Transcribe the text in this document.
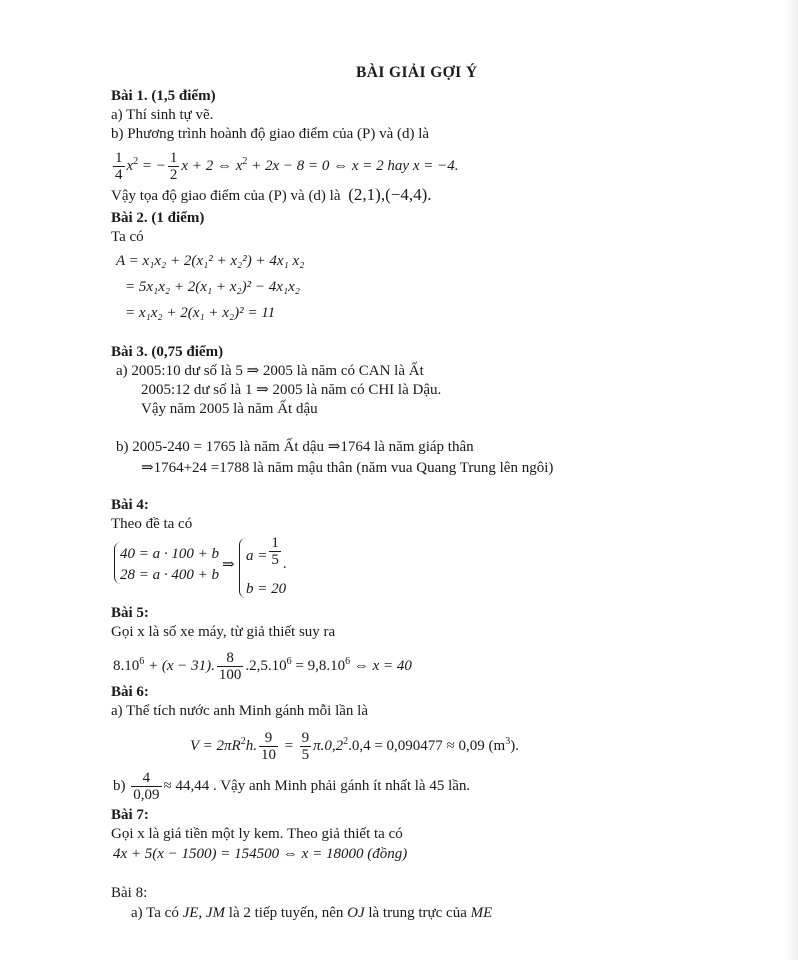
BÀI GIẢI GỢI Ý
Bài 1. (1,5 điểm)
a) Thí sinh tự vẽ.
b) Phương trình hoành độ giao điểm của (P) và (d) là
$\frac{1}{4} x^2$ = − $\frac{1}{2}$ x + 2 ⇔ $x^2 + 2x - 8 = 0$ ⇔ x = 2 hay x = −4.
Vậy tọa độ giao điểm của (P) và (d) là (2,1),(−4,4).
Bài 2. (1 điểm)
Ta có
A = x₁x₂ + 2(x₁² + x₂²) + 4x₁ x₂
= 5x₁x₂ + 2(x₁ + x₂)² − 4x₁x₂
= x₁x₂ + 2(x₁ + x₂)² = 11
Bài 3. (0,75 điểm)
a) 2005:10 dư số là 5 ⇒ 2005 là năm có CAN là Ất
2005:12 dư số là 1 ⇒ 2005 là năm có CHI là Dậu.
Vậy năm 2005 là năm Ất dậu
b) 2005-240 = 1765 là năm Ất dậu ⇒1764 là năm giáp thân
⇒1764+24 =1788 là năm mậu thân (năm vua Quang Trung lên ngôi)
Bài 4:
Theo đề ta có
40 = a · 100 + b
28 = a · 400 + b
⇒
$a = \frac{1}{5}$ .
b = 20
Bài 5:
Gọi x là số xe máy, từ giả thiết suy ra
$8.10^6 + (x - 31)$. $\frac{8}{100} .2,5.10^6 = 9,8.10^6$ ⇔ x = 40
Bài 6:
a) Thể tích nước anh Minh gánh mỗi lần là
$V = 2\pi R^2h$. $\frac{9}{10} = \frac{9}{5} \pi.0,2^2.0,4 = 0,090477 \approx 0,09$ $(m^3)$.
$b) \frac{4}{0,09} \approx 44,44$ . Vậy anh Minh phải gánh ít nhất là 45 lần.
Bài 7:
Gọi x là giá tiền một ly kem. Theo giả thiết ta có
4x + 5(x − 1500) = 154500 ⇔ x = 18000 (đồng)
Bài 8:
a) Ta có JE, JM là 2 tiếp tuyến, nên OJ là trung trực của ME
